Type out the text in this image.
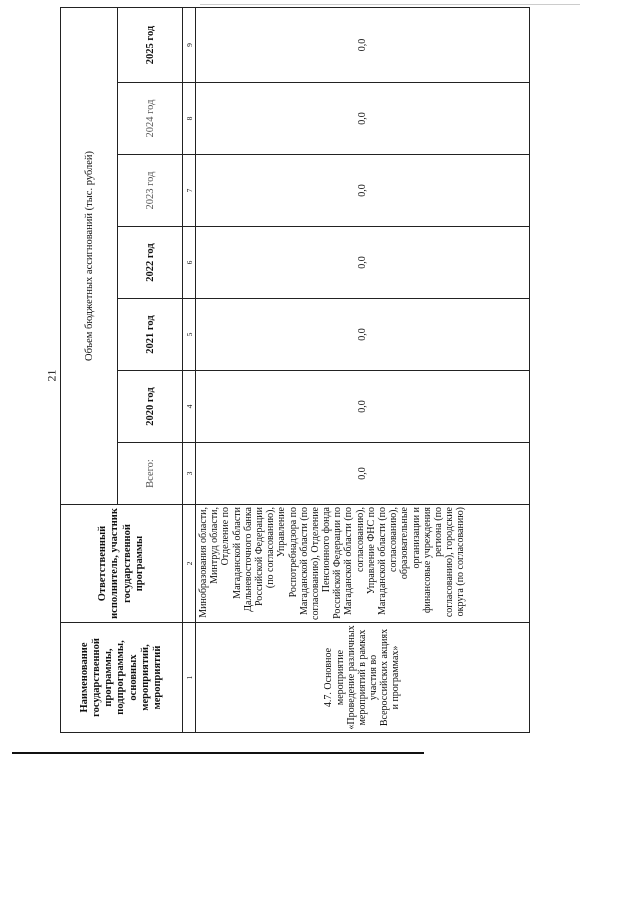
21
Наименование государственной программы, подпрограммы, основных мероприятий, мероприятий	Ответственный исполнитель, участник государственной программы	Объем бюджетных ассигнований (тыс. рублей)						
		Всего:	2020 год	2021 год	2022 год	2023 год	2024 год	2025 год
1	2	3	4	5	6	7	8	9
4.7. Основное мероприятие «Проведение различных мероприятий в рамках участия во Всероссийских акциях и программах»	Минобразования области, Минтруд области, Отделение по Магаданской области Дальневосточного банка Российской Федерации (по согласованию), Управление Роспотребнадзора по Магаданской области (по согласованию), Отделение Пенсионного фонда Российской Федерации по Магаданской области (по согласованию), Управление ФНС по Магаданской области (по согласованию), образовательные организации и финансовые учреждения региона (по согласованию), городские округа (по согласованию)	0,0	0,0	0,0	0,0	0,0	0,0	0,0
